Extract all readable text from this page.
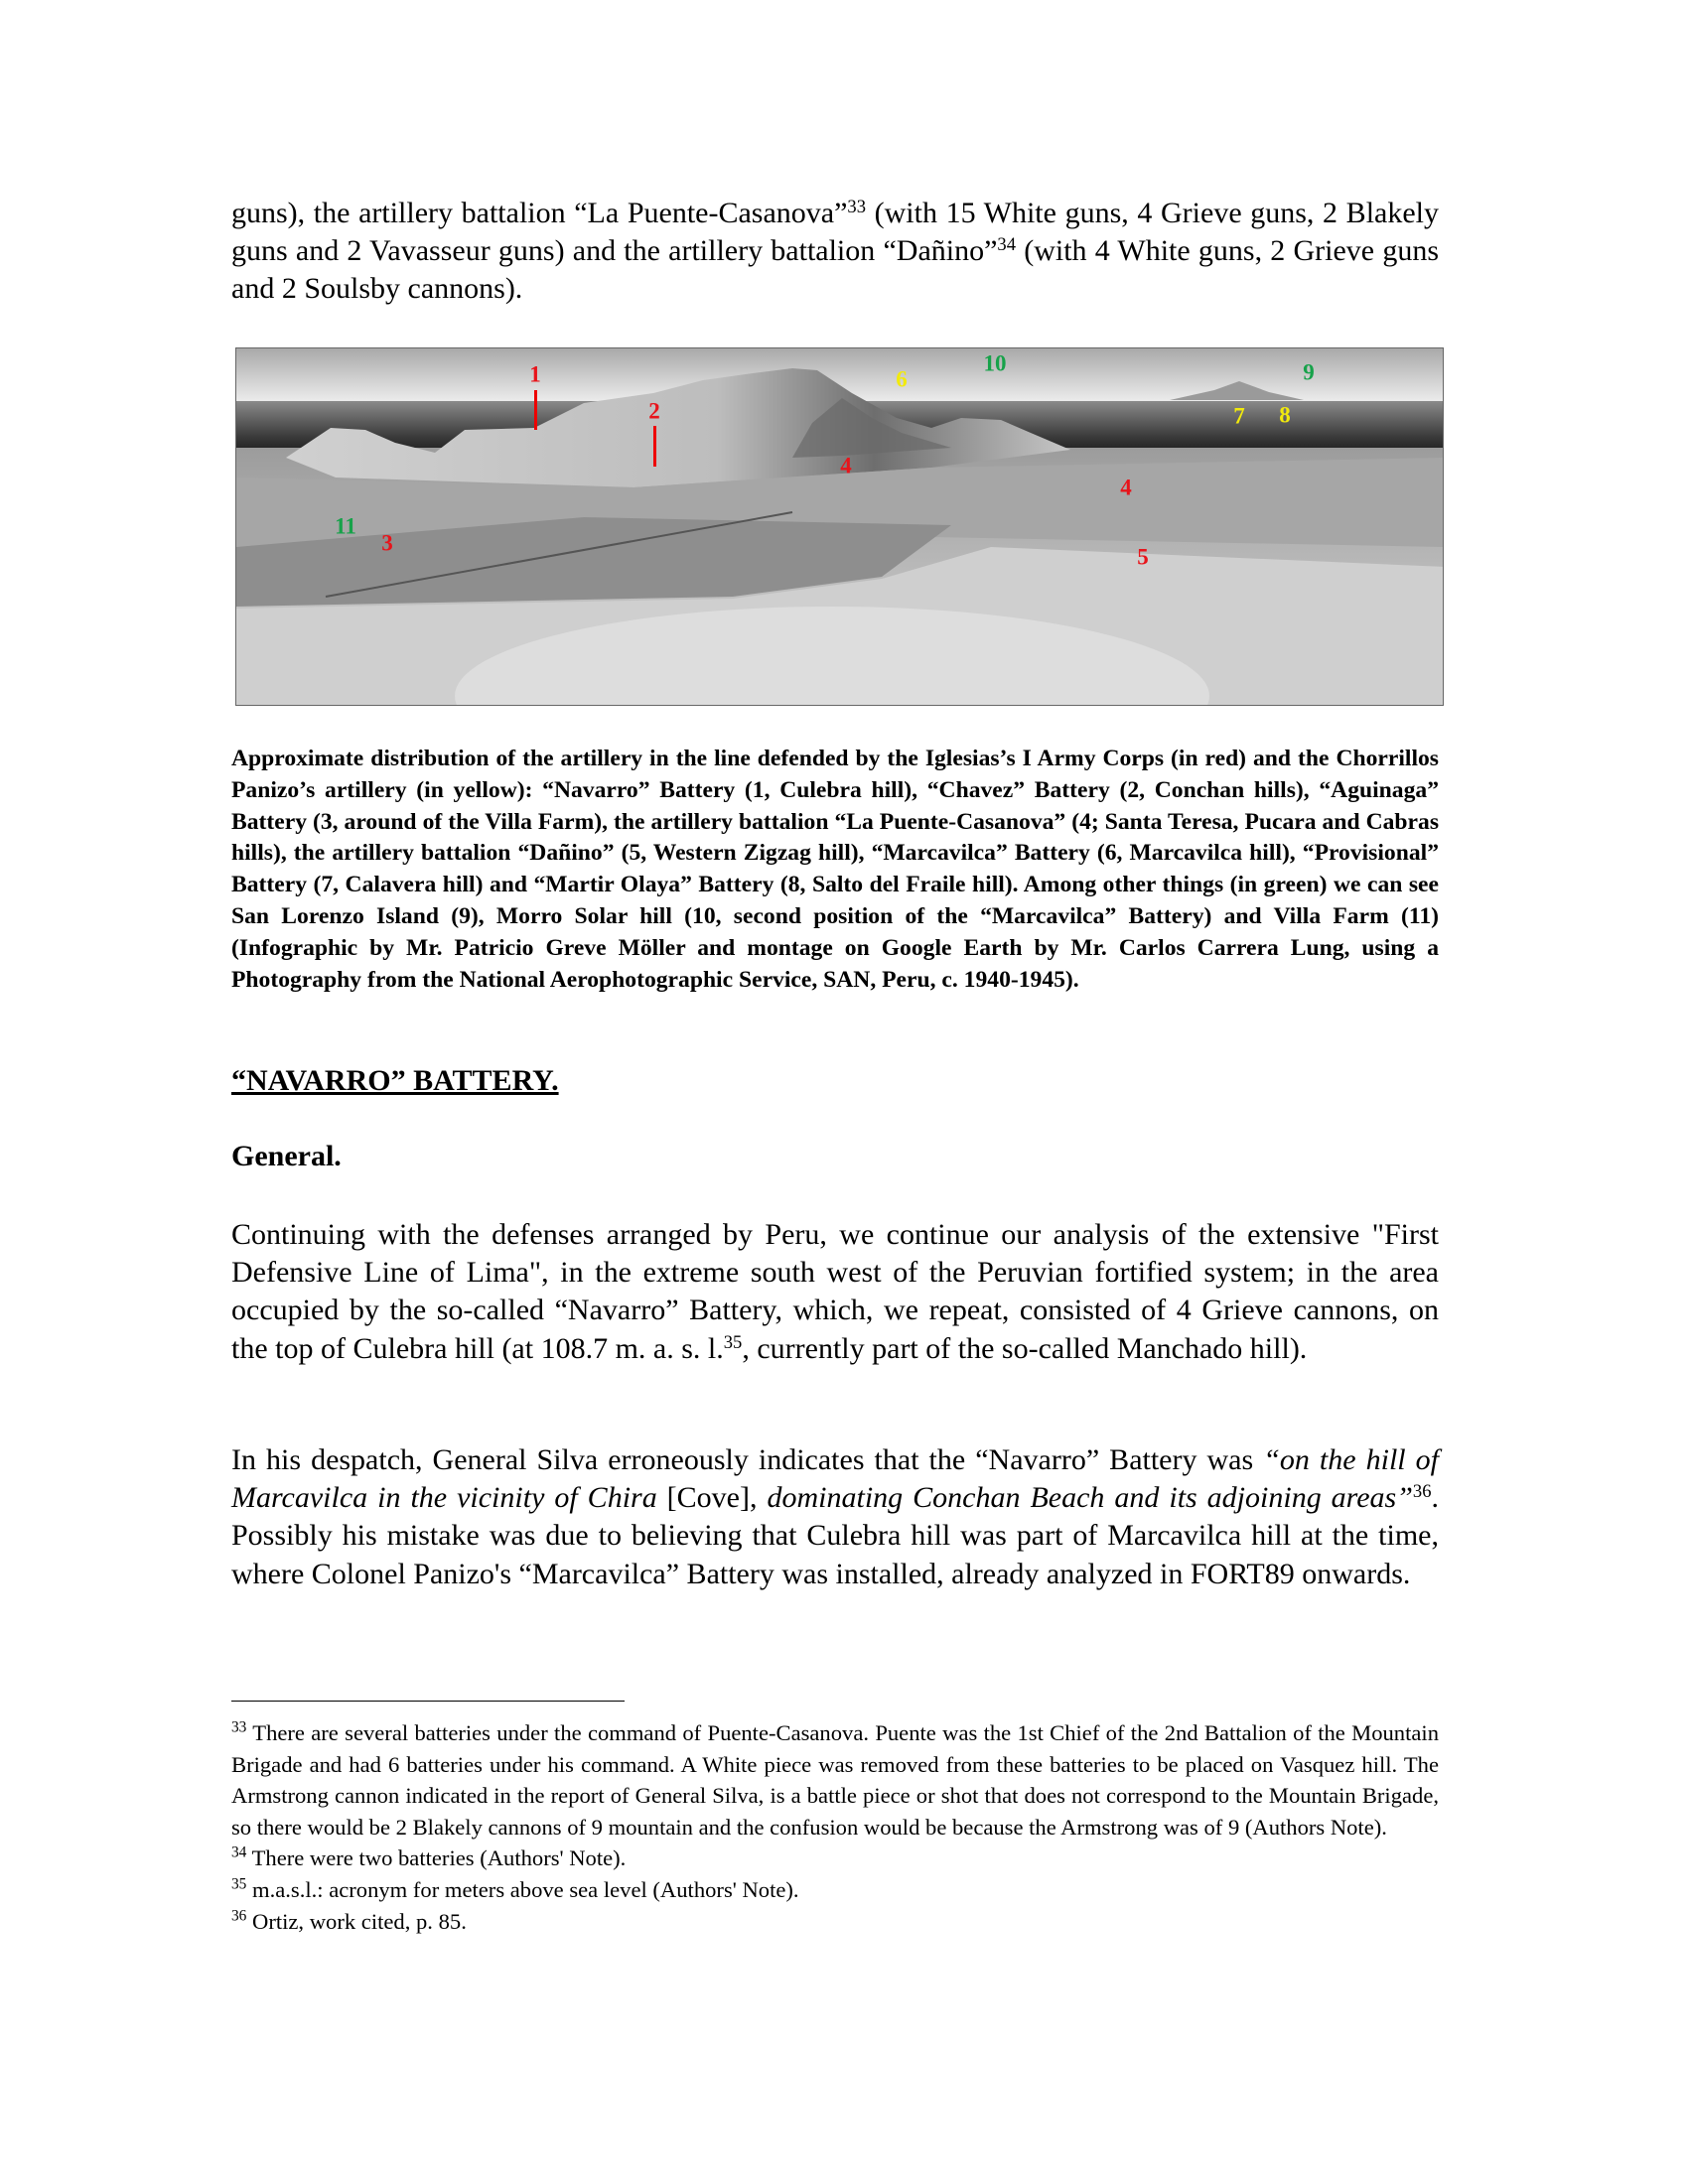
guns), the artillery battalion “La Puente-Casanova”$^{33}$ (with 15 White guns, 4 Grieve guns, 2 Blakely guns and 2 Vavasseur guns) and the artillery battalion “Dañino”$^{34}$ (with 4 White guns, 2 Grieve guns and 2 Soulsby cannons).
1
2
6
10	9
7 8
4
4
11
3
5
Approximate distribution of the artillery in the line defended by the Iglesias’s I Army Corps (in red) and the Chorrillos Panizo’s artillery (in yellow): “Navarro” Battery (1, Culebra hill), “Chavez” Battery (2, Conchan hills), “Aguinaga” Battery (3, around of the Villa Farm), the artillery battalion “La Puente-Casanova” (4; Santa Teresa, Pucara and Cabras hills), the artillery battalion “Dañino” (5, Western Zigzag hill), “Marcavilca” Battery (6, Marcavilca hill), “Provisional” Battery (7, Calavera hill) and “Martir Olaya” Battery (8, Salto del Fraile hill). Among other things (in green) we can see San Lorenzo Island (9), Morro Solar hill (10, second position of the “Marcavilca” Battery) and Villa Farm (11) (Infographic by Mr. Patricio Greve Möller and montage on Google Earth by Mr. Carlos Carrera Lung, using a Photography from the National Aerophotographic Service, SAN, Peru, c. 1940-1945).
“NAVARRO” BATTERY.
General.
Continuing with the defenses arranged by Peru, we continue our analysis of the extensive "First Defensive Line of Lima", in the extreme south west of the Peruvian fortified system; in the area occupied by the so-called “Navarro” Battery, which, we repeat, consisted of 4 Grieve cannons, on the top of Culebra hill (at 108.7 m. a. s. l.$^{35}$, currently part of the so-called Manchado hill).
In his despatch, General Silva erroneously indicates that the “Navarro” Battery was “on the hill of Marcavilca in the vicinity of Chira [Cove], dominating Conchan Beach and its adjoining areas”$^{36}$. Possibly his mistake was due to believing that Culebra hill was part of Marcavilca hill at the time, where Colonel Panizo's “Marcavilca” Battery was installed, already analyzed in FORT89 onwards.
$^{33}$ There are several batteries under the command of Puente-Casanova. Puente was the 1st Chief of the 2nd Battalion of the Mountain Brigade and had 6 batteries under his command. A White piece was removed from these batteries to be placed on Vasquez hill. The Armstrong cannon indicated in the report of General Silva, is a battle piece or shot that does not correspond to the Mountain Brigade, so there would be 2 Blakely cannons of 9 mountain and the confusion would be because the Armstrong was of 9 (Authors Note).
$^{34}$ There were two batteries (Authors' Note).
$^{35}$ m.a.s.l.: acronym for meters above sea level (Authors' Note).
$^{36}$ Ortiz, work cited, p. 85.
